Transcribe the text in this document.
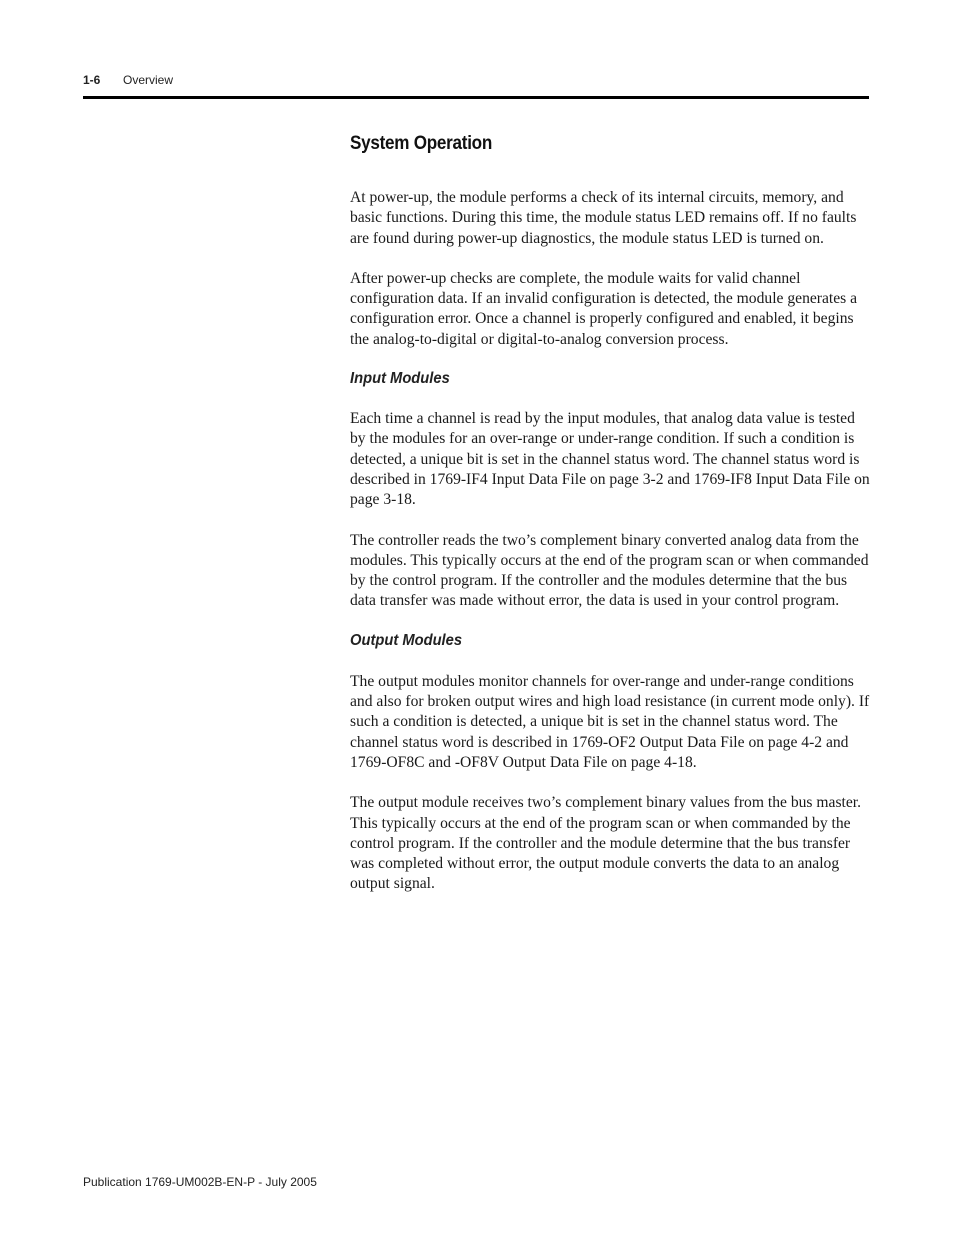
1-6 Overview
System Operation

At power-up, the module performs a check of its internal circuits, memory, and basic functions. During this time, the module status LED remains off. If no faults are found during power-up diagnostics, the module status LED is turned on.

After power-up checks are complete, the module waits for valid channel configuration data. If an invalid configuration is detected, the module generates a configuration error. Once a channel is properly configured and enabled, it begins the analog-to-digital or digital-to-analog conversion process.

Input Modules

Each time a channel is read by the input modules, that analog data value is tested by the modules for an over-range or under-range condition. If such a condition is detected, a unique bit is set in the channel status word. The channel status word is described in 1769-IF4 Input Data File on page 3-2 and 1769-IF8 Input Data File on page 3-18.

The controller reads the two’s complement binary converted analog data from the modules. This typically occurs at the end of the program scan or when commanded by the control program. If the controller and the modules determine that the bus data transfer was made without error, the data is used in your control program.

Output Modules

The output modules monitor channels for over-range and under-range conditions and also for broken output wires and high load resistance (in current mode only). If such a condition is detected, a unique bit is set in the channel status word. The channel status word is described in 1769-OF2 Output Data File on page 4-2 and 1769-OF8C and -OF8V Output Data File on page 4-18.

The output module receives two’s complement binary values from the bus master. This typically occurs at the end of the program scan or when commanded by the control program. If the controller and the module determine that the bus transfer was completed without error, the output module converts the data to an analog output signal.

Publication 1769-UM002B-EN-P - July 2005
